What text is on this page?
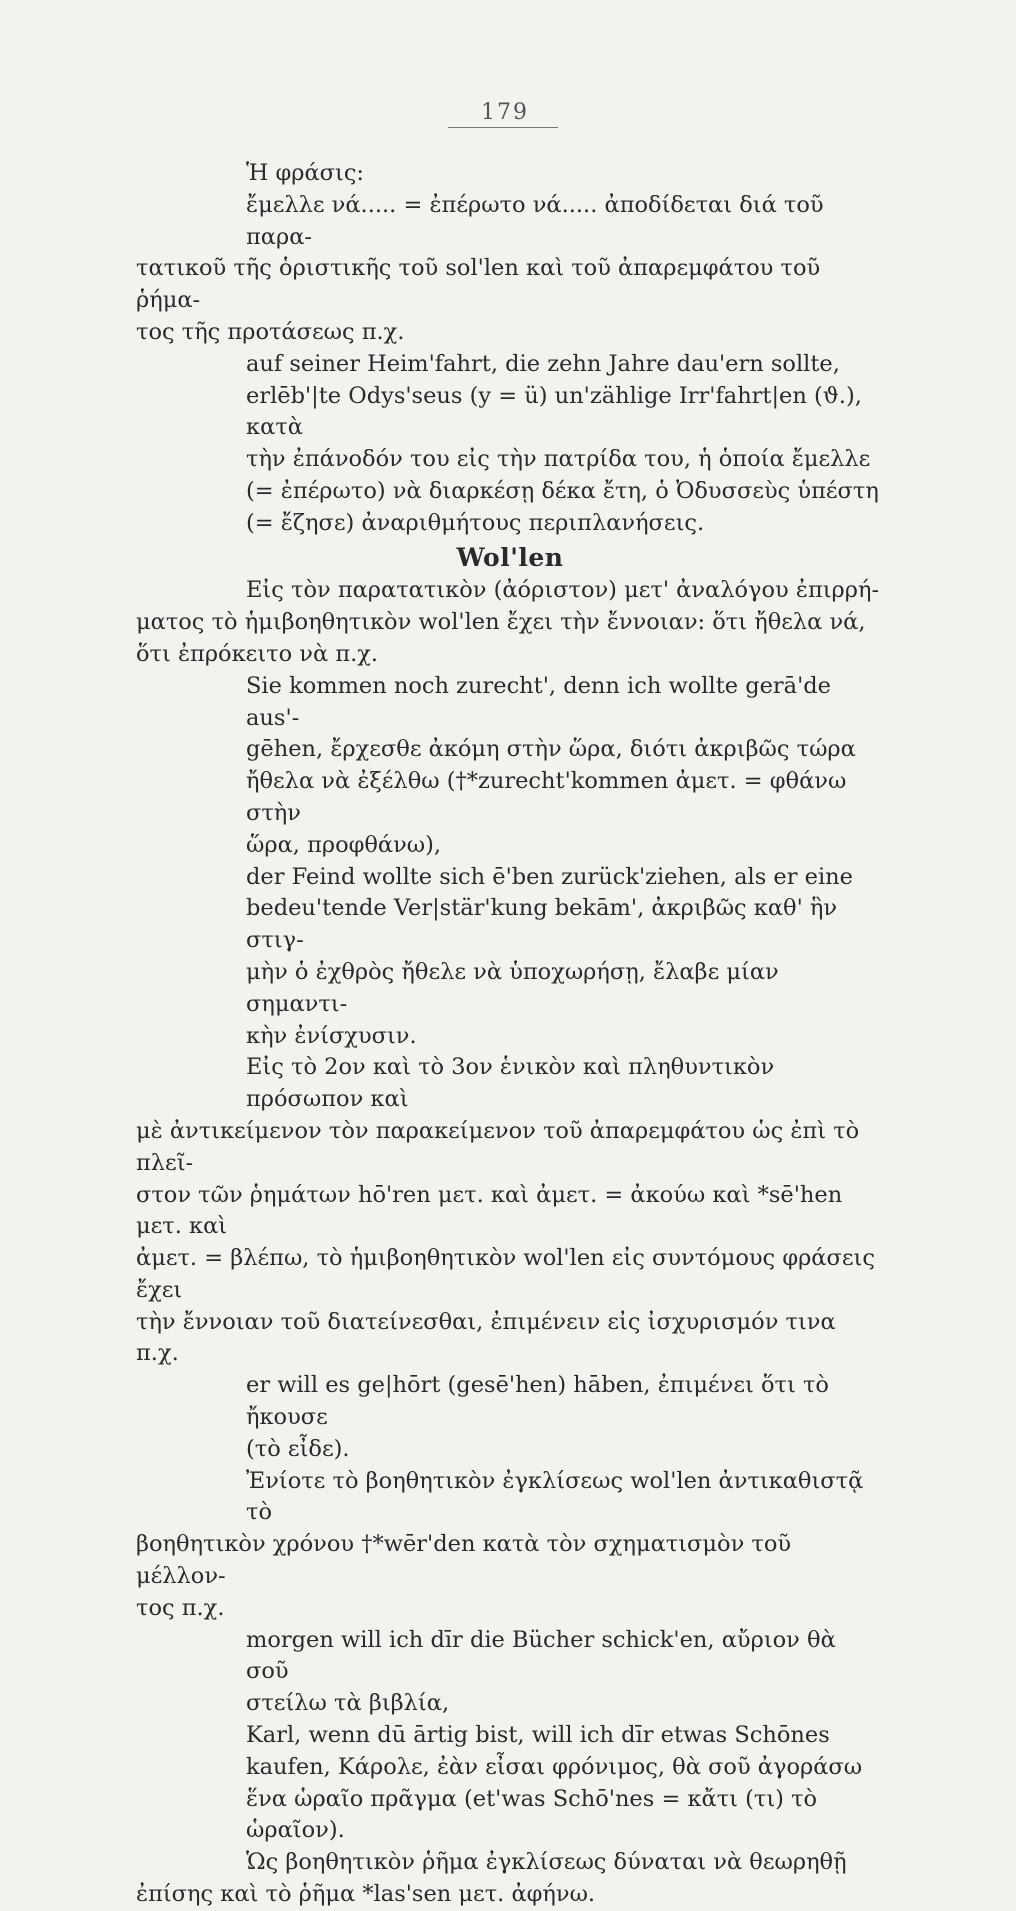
179

Ἡ φράσις:

ἔμελλε νά..... = ἐπέρωτο νά..... ἀποδίδεται διά τοῦ παρα-

τατικοῦ τῆς ὁριστικῆς τοῦ sol'len καὶ τοῦ ἀπαρεμφάτου τοῦ ῥήμα-

τος τῆς προτάσεως π.χ.

auf seiner Heim'fahrt, die zehn Jahre dau'ern sollte,

erlēb'|te Odys'seus (y = ü) un'zählige Irr'fahrt|en (ϑ.), κατὰ

τὴν ἐπάνοδόν του εἰς τὴν πατρίδα του, ἡ ὁποία ἔμελλε

(= ἐπέρωτο) νὰ διαρκέσῃ δέκα ἔτη, ὁ Ὀδυσσεὺς ὑπέστη

(= ἔζησε) ἀναριθμήτους περιπλανήσεις.

Wol'len

Εἰς τὸν παρατατικὸν (ἀόριστον) μετ' ἀναλόγου ἐπιρρή-

ματος τὸ ἡμιβοηθητικὸν wol'len ἔχει τὴν ἔννοιαν: ὅτι ἤθελα νά,

ὅτι ἐπρόκειτο νὰ π.χ.

Sie kommen noch zurecht', denn ich wollte gerā'de aus'-

gēhen, ἔρχεσθε ἀκόμη στὴν ὥρα, διότι ἀκριβῶς τώρα

ἤθελα νὰ ἐξέλθω (†*zurecht'kommen ἀμετ. = φθάνω στὴν

ὥρα, προφθάνω),

der Feind wollte sich ē'ben zurück'ziehen, als er eine

bedeu'tende Ver|stär'kung bekām', ἀκριβῶς καθ' ἣν στιγ-

μὴν ὁ ἐχθρὸς ἤθελε νὰ ὑποχωρήσῃ, ἔλαβε μίαν σημαντι-

κὴν ἐνίσχυσιν.

Εἰς τὸ 2ον καὶ τὸ 3ον ἑνικὸν καὶ πληθυντικὸν πρόσωπον καὶ

μὲ ἀντικείμενον τὸν παρακείμενον τοῦ ἀπαρεμφάτου ὡς ἐπὶ τὸ πλεῖ-

στον τῶν ῥημάτων hō'ren μετ. καὶ ἀμετ. = ἀκούω καὶ *sē'hen μετ. καὶ

ἀμετ. = βλέπω, τὸ ἡμιβοηθητικὸν wol'len εἰς συντόμους φράσεις ἔχει

τὴν ἔννοιαν τοῦ διατείνεσθαι, ἐπιμένειν εἰς ἰσχυρισμόν τινα π.χ.

er will es ge|hōrt (gesē'hen) hāben, ἐπιμένει ὅτι τὸ ἤκουσε

(τὸ εἶδε).

Ἐνίοτε τὸ βοηθητικὸν ἐγκλίσεως wol'len ἀντικαθιστᾷ τὸ

βοηθητικὸν χρόνου †*wēr'den κατὰ τὸν σχηματισμὸν τοῦ μέλλον-

τος π.χ.

morgen will ich dīr die Bücher schick'en, αὔριον θὰ σοῦ

στείλω τὰ βιβλία,

Karl, wenn dū ārtig bist, will ich dīr etwas Schōnes

kaufen, Κάρολε, ἐὰν εἶσαι φρόνιμος, θὰ σοῦ ἀγοράσω

ἕνα ὡραῖο πρᾶγμα (et'was Schō'nes = κἄτι (τι) τὸ ὡραῖον).

Ὡς βοηθητικὸν ῥῆμα ἐγκλίσεως δύναται νὰ θεωρηθῇ

ἐπίσης καὶ τὸ ῥῆμα *las'sen μετ. ἀφήνω.
